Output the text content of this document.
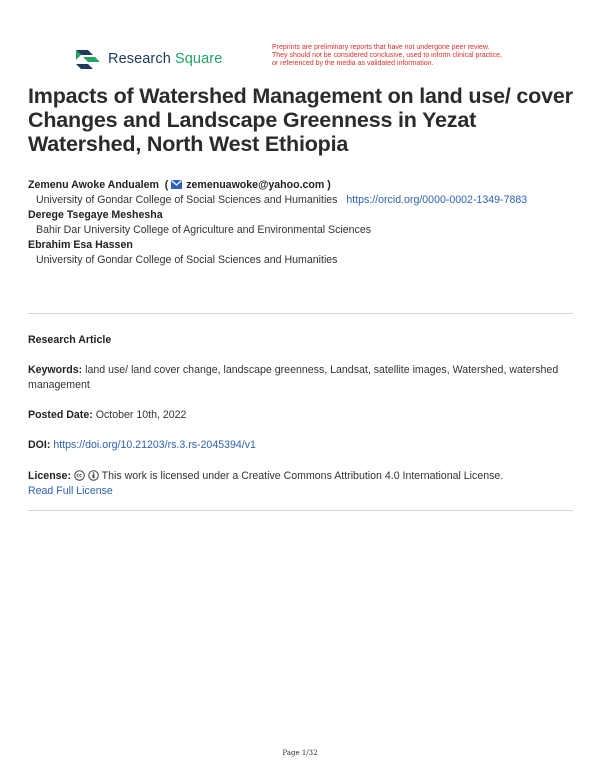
Research Square
Preprints are preliminary reports that have not undergone peer review.
They should not be considered conclusive, used to inform clinical practice,
or referenced by the media as validated information.
Impacts of Watershed Management on land use/ cover Changes and Landscape Greenness in Yezat Watershed, North West Ethiopia
Zemenu Awoke Andualem  ( zemenuawoke@yahoo.com )
University of Gondar College of Social Sciences and Humanities https://orcid.org/0000-0002-1349-7883
Derege Tsegaye Meshesha
Bahir Dar University College of Agriculture and Environmental Sciences
Ebrahim Esa Hassen
University of Gondar College of Social Sciences and Humanities
Research Article
Keywords: land use/ land cover change, landscape greenness, Landsat, satellite images, Watershed, watershed management
Posted Date: October 10th, 2022
DOI: https://doi.org/10.21203/rs.3.rs-2045394/v1
License:	This work is licensed under a Creative Commons Attribution 4.0 International License.
Read Full License
Page 1/32
